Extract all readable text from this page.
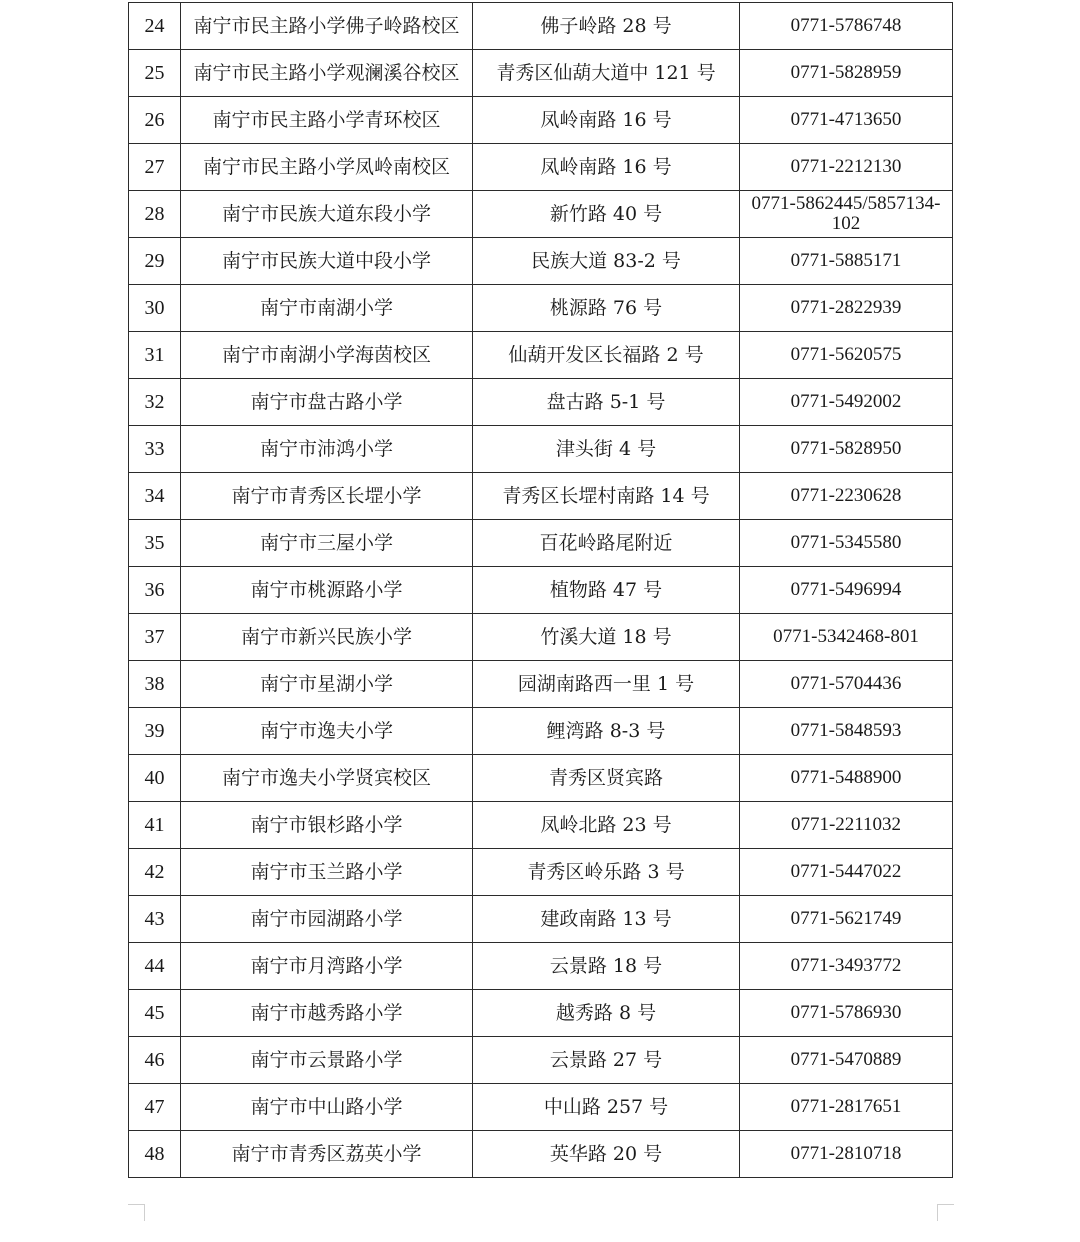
24	南宁市民主路小学佛子岭路校区	佛子岭路 28 号	0771-5786748
25	南宁市民主路小学观澜溪谷校区	青秀区仙葫大道中 121 号	0771-5828959
26	南宁市民主路小学青环校区	凤岭南路 16 号	0771-4713650
27	南宁市民主路小学凤岭南校区	凤岭南路 16 号	0771-2212130
28	南宁市民族大道东段小学	新竹路 40 号	0771-5862445/5857134-102
29	南宁市民族大道中段小学	民族大道 83-2 号	0771-5885171
30	南宁市南湖小学	桃源路 76 号	0771-2822939
31	南宁市南湖小学海茵校区	仙葫开发区长福路 2 号	0771-5620575
32	南宁市盘古路小学	盘古路 5-1 号	0771-5492002
33	南宁市沛鸿小学	津头街 4 号	0771-5828950
34	南宁市青秀区长堽小学	青秀区长堽村南路 14 号	0771-2230628
35	南宁市三屋小学	百花岭路尾附近	0771-5345580
36	南宁市桃源路小学	植物路 47 号	0771-5496994
37	南宁市新兴民族小学	竹溪大道 18 号	0771-5342468-801
38	南宁市星湖小学	园湖南路西一里 1 号	0771-5704436
39	南宁市逸夫小学	鲤湾路 8-3 号	0771-5848593
40	南宁市逸夫小学贤宾校区	青秀区贤宾路	0771-5488900
41	南宁市银杉路小学	凤岭北路 23 号	0771-2211032
42	南宁市玉兰路小学	青秀区岭乐路 3 号	0771-5447022
43	南宁市园湖路小学	建政南路 13 号	0771-5621749
44	南宁市月湾路小学	云景路 18 号	0771-3493772
45	南宁市越秀路小学	越秀路 8 号	0771-5786930
46	南宁市云景路小学	云景路 27 号	0771-5470889
47	南宁市中山路小学	中山路 257 号	0771-2817651
48	南宁市青秀区荔英小学	英华路 20 号	0771-2810718
